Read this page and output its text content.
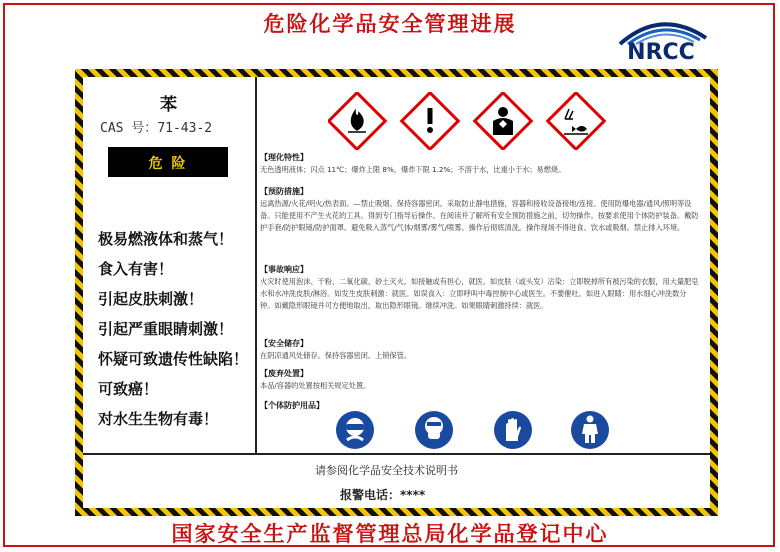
危险化学品安全管理进展
NRCC
苯
CAS 号：71-43-2
危 险
极易燃液体和蒸气！
食入有害！
引起皮肤刺激！
引起严重眼睛刺激！
怀疑可致遗传性缺陷！
可致癌！
对水生生物有毒！
【理化特性】
无色透明液体；闪点 11℃；爆炸上限 8%，爆炸下限 1.2%；不溶于水，比重小于水；易燃烧。
【预防措施】
远离热源/火花/明火/热表面。—禁止吸烟。保持容器密闭。采取防止静电措施，容器和接收设备接地/连接。使用防爆电器/通风/照明等设备。只能使用不产生火花的工具。得到专门指导后操作。在阅读并了解所有安全预防措施之前，切勿操作。按要求使用个体防护装备。戴防护手套/防护眼镜/防护面罩。避免吸入蒸气/气体/烟雾/雾气/喷雾。操作后彻底清洗。操作现场不得进食、饮水或吸烟。禁止排入环境。
【事故响应】
火灾时使用泡沫、干粉、二氧化碳、砂土灭火。如接触或有担心，就医。如皮肤（或头发）沾染：立即脱掉所有被污染的衣服，用大量肥皂水和水冲洗皮肤/淋浴。如发生皮肤刺激：就医。如误食入：立即呼叫中毒控制中心或医生。不要催吐。如进入眼睛：用水细心冲洗数分钟。如戴隐形眼镜并可方便地取出，取出隐形眼镜。继续冲洗。如果眼睛刺激持续：就医。
【安全储存】
在阴凉通风处储存。保持容器密闭。上锁保管。
【废弃处置】
本品/容器的处置按相关规定处置。
【个体防护用品】
请参阅化学品安全技术说明书
报警电话：****
国家安全生产监督管理总局化学品登记中心
